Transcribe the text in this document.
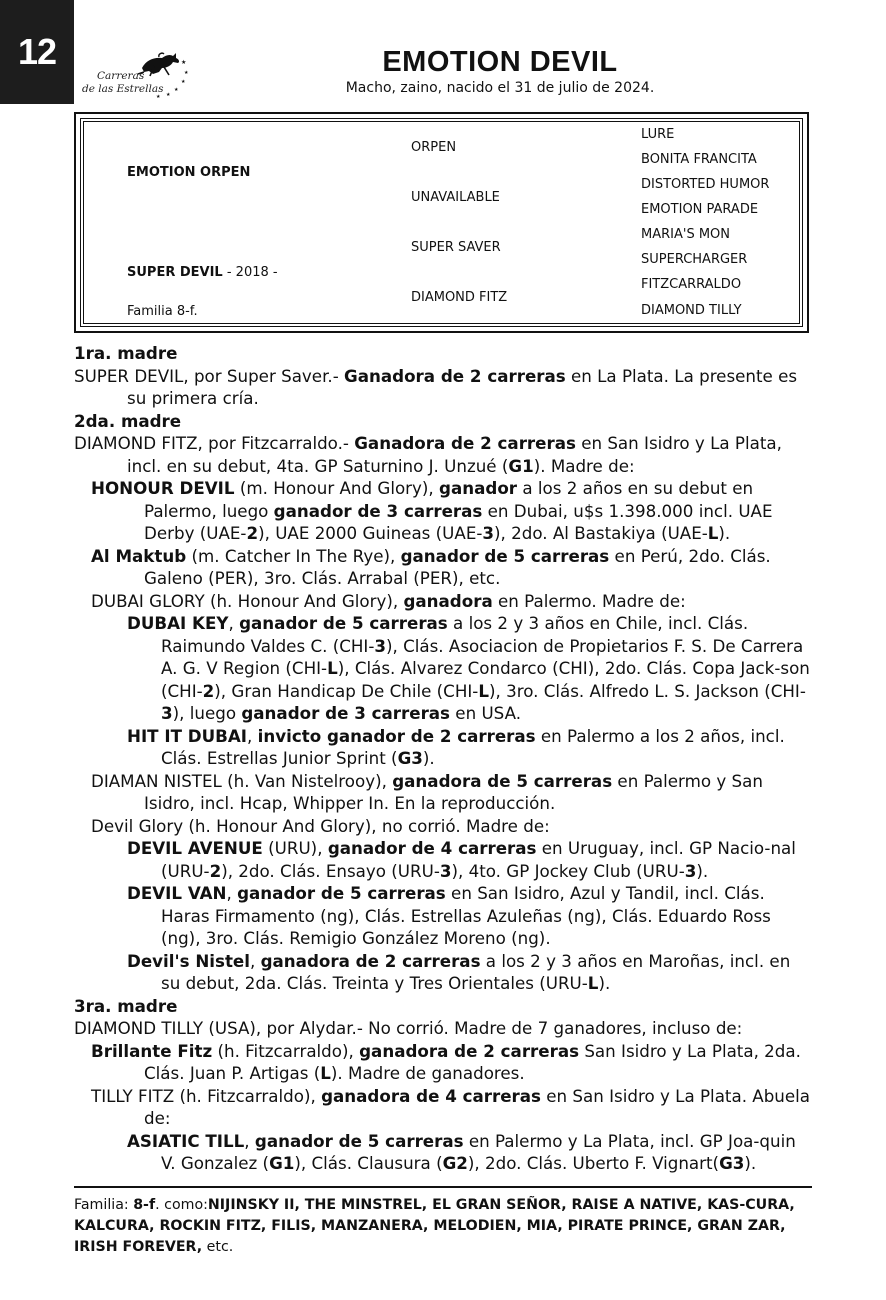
12	★
★
★
★
★
★
Carreras
de las Estrellas
EMOTION DEVIL
Macho, zaino, nacido el 31 de julio de 2024.
EMOTION ORPEN
SUPER DEVIL - 2018 -
Familia 8-f.
ORPEN
UNAVAILABLE
SUPER SAVER
DIAMOND FITZ
LURE
BONITA FRANCITA
DISTORTED HUMOR
EMOTION PARADE
MARIA'S MON
SUPERCHARGER
FITZCARRALDO
DIAMOND TILLY
1ra. madre
SUPER DEVIL, por Super Saver.- Ganadora de 2 carreras en La Plata. La presente es su primera cría.
2da. madre
DIAMOND FITZ, por Fitzcarraldo.- Ganadora de 2 carreras en San Isidro y La Plata, incl. en su debut, 4ta. GP Saturnino J. Unzué (G1). Madre de:
HONOUR DEVIL (m. Honour And Glory), ganador a los 2 años en su debut en Palermo, luego ganador de 3 carreras en Dubai, u$s 1.398.000 incl. UAE Derby (UAE-2), UAE 2000 Guineas (UAE-3), 2do. Al Bastakiya (UAE-L).
Al Maktub (m. Catcher In The Rye), ganador de 5 carreras en Perú, 2do. Clás. Galeno (PER), 3ro. Clás. Arrabal (PER), etc.
DUBAI GLORY (h. Honour And Glory), ganadora en Palermo. Madre de:
DUBAI KEY, ganador de 5 carreras a los 2 y 3 años en Chile, incl. Clás. Raimundo Valdes C. (CHI-3), Clás. Asociacion de Propietarios F. S. De Carrera A. G. V Region (CHI-L), Clás. Alvarez Condarco (CHI), 2do. Clás. Copa Jack-son (CHI-2), Gran Handicap De Chile (CHI-L), 3ro. Clás. Alfredo L. S. Jackson (CHI-3), luego ganador de 3 carreras en USA.
HIT IT DUBAI, invicto ganador de 2 carreras en Palermo a los 2 años, incl. Clás. Estrellas Junior Sprint (G3).
DIAMAN NISTEL (h. Van Nistelrooy), ganadora de 5 carreras en Palermo y San Isidro, incl. Hcap, Whipper In. En la reproducción.
Devil Glory (h. Honour And Glory), no corrió. Madre de:
DEVIL AVENUE (URU), ganador de 4 carreras en Uruguay, incl. GP Nacio-nal (URU-2), 2do. Clás. Ensayo (URU-3), 4to. GP Jockey Club (URU-3).
DEVIL VAN, ganador de 5 carreras en San Isidro, Azul y Tandil, incl. Clás. Haras Firmamento (ng), Clás. Estrellas Azuleñas (ng), Clás. Eduardo Ross (ng), 3ro. Clás. Remigio González Moreno (ng).
Devil's Nistel, ganadora de 2 carreras a los 2 y 3 años en Maroñas, incl. en su debut, 2da. Clás. Treinta y Tres Orientales (URU-L).
3ra. madre
DIAMOND TILLY (USA), por Alydar.- No corrió. Madre de 7 ganadores, incluso de:
Brillante Fitz (h. Fitzcarraldo), ganadora de 2 carreras San Isidro y La Plata, 2da. Clás. Juan P. Artigas (L). Madre de ganadores.
TILLY FITZ (h. Fitzcarraldo), ganadora de 4 carreras en San Isidro y La Plata. Abuela de:
ASIATIC TILL, ganador de 5 carreras en Palermo y La Plata, incl. GP Joa-quin V. Gonzalez (G1), Clás. Clausura (G2), 2do. Clás. Uberto F. Vignart(G3).
Familia: 8-f. como:NIJINSKY II, THE MINSTREL, EL GRAN SEÑOR, RAISE A NATIVE, KAS-CURA, KALCURA, ROCKIN FITZ, FILIS, MANZANERA, MELODIEN, MIA, PIRATE PRINCE, GRAN ZAR, IRISH FOREVER, etc.
